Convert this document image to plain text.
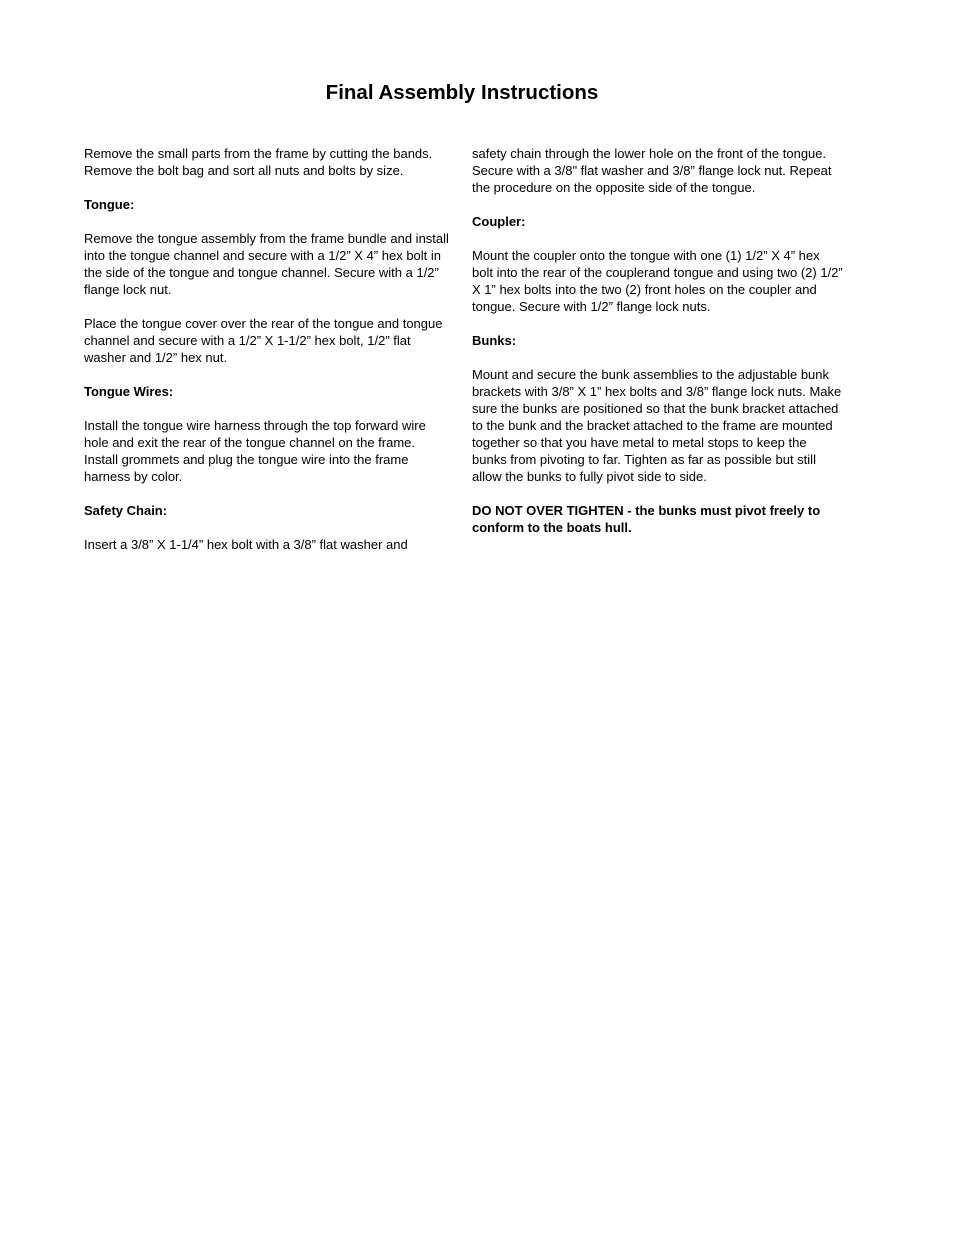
Final Assembly Instructions

Remove the small parts from the frame by cutting the bands. Remove the bolt bag and sort all nuts and bolts by size.

Tongue:

Remove the tongue assembly from the frame bundle and install into the tongue channel and secure with a 1/2” X 4” hex bolt in the side of the tongue and tongue channel. Secure with a 1/2” flange lock nut.

Place the tongue cover over the rear of the tongue and tongue channel and secure with a 1/2” X 1-1/2” hex bolt, 1/2” flat washer and 1/2” hex nut.

Tongue Wires:

Install the tongue wire harness through the top forward wire hole and exit the rear of the tongue channel on the frame. Install grommets and plug the tongue wire into the frame harness by color.

Safety Chain:

Insert a 3/8” X 1-1/4” hex bolt with a 3/8” flat washer and

safety chain through the lower hole on the front of the tongue. Secure with a 3/8" flat washer and 3/8” flange lock nut. Repeat the procedure on the opposite side of the tongue.

Coupler:

Mount the coupler onto the tongue with one (1) 1/2” X 4” hex bolt into the rear of the couplerand tongue and using two (2) 1/2” X 1” hex bolts into the two (2) front holes on the coupler and tongue. Secure with 1/2” flange lock nuts.

Bunks:

Mount and secure the bunk assemblies to the adjustable bunk brackets with 3/8” X 1” hex bolts and 3/8” flange lock nuts. Make sure the bunks are positioned so that the bunk bracket attached to the bunk and the bracket attached to the frame are mounted together so that you have metal to metal stops to keep the bunks from pivoting to far. Tighten as far as possible but still allow the bunks to fully pivot side to side.

DO NOT OVER TIGHTEN - the bunks must pivot freely to conform to the boats hull.
